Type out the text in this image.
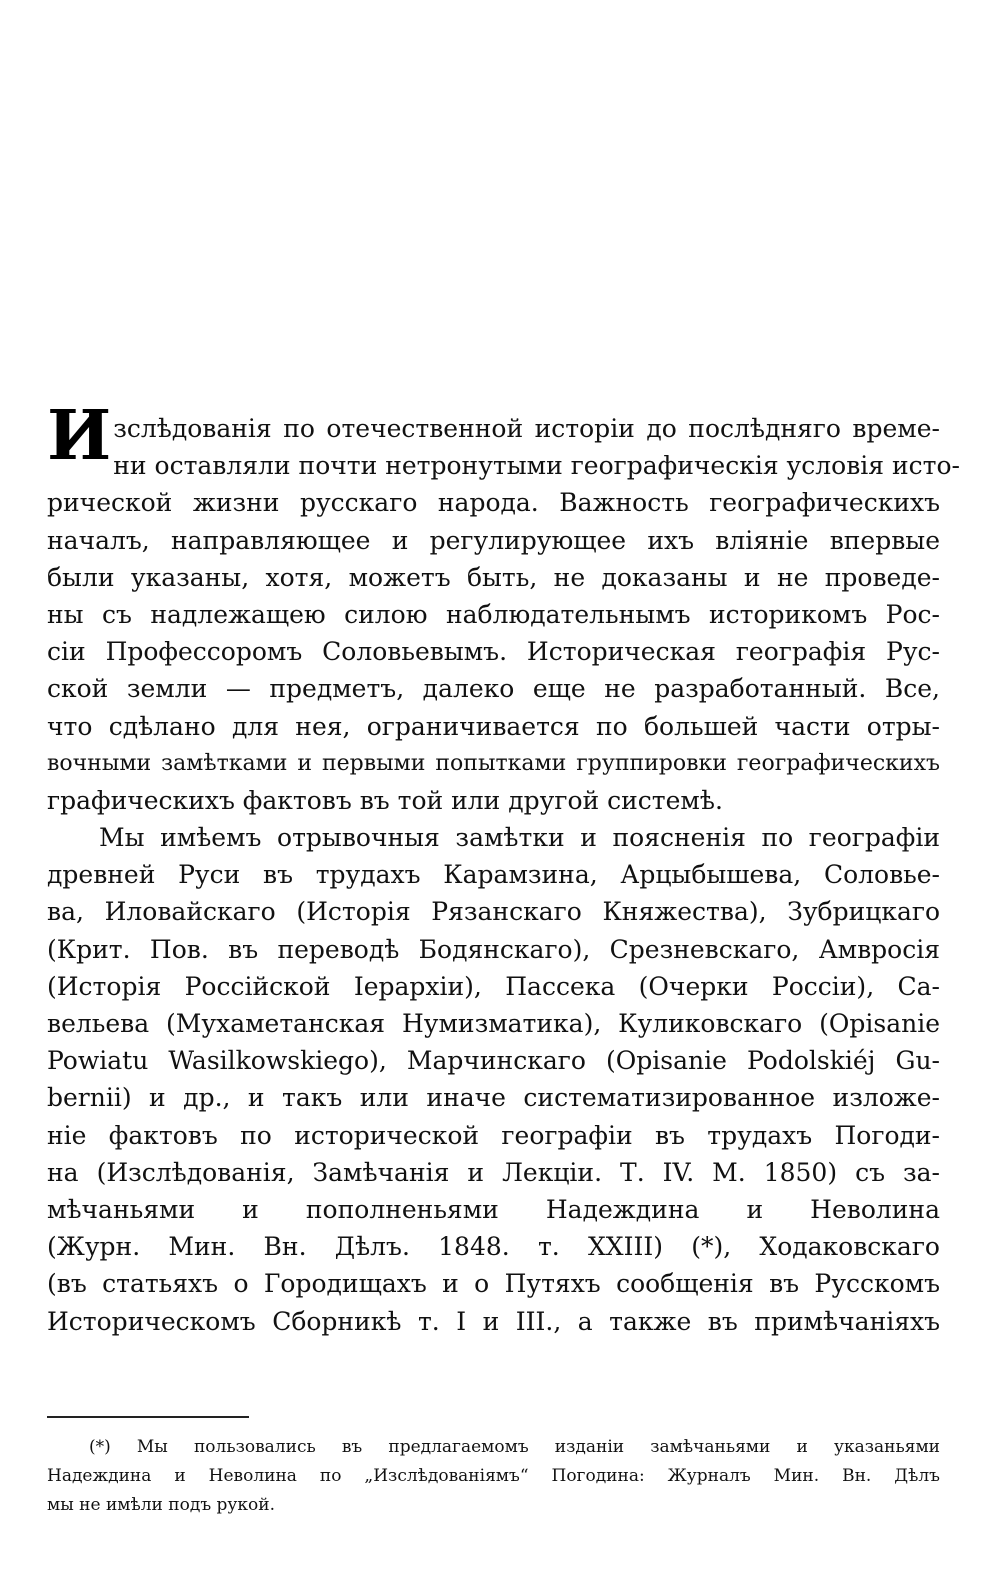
И зслѣдованія по отечественной исторіи до послѣдняго време-
ни оставляли почти нетронутыми географическія условія исто-
рической жизни русскаго народа. Важность географическихъ
началъ, направляющее и регулирующее ихъ вліяніе впервые
были указаны, хотя, можетъ быть, не доказаны и не проведе-
ны съ надлежащею силою наблюдательнымъ историкомъ Рос-
сіи Профессоромъ Соловьевымъ. Историческая географія Рус-
ской земли — предметъ, далеко еще не разработанный. Все,
что сдѣлано для нея, ограничивается по большей части отры-
вочными замѣтками и первыми попытками группировки географическихъ
графическихъ фактовъ въ той или другой системѣ.
Мы имѣемъ отрывочныя замѣтки и поясненія по географіи
древней Руси въ трудахъ Карамзина, Арцыбышева, Соловье-
ва, Иловайскаго (Исторія Рязанскаго Княжества), Зубрицкаго
(Крит. Пов. въ переводѣ Бодянскаго), Срезневскаго, Амвросія
(Исторія Россійской Іерархіи), Пассека (Очерки Россіи), Са-
вельева (Мухаметанская Нумизматика), Куликовскаго (Opisanie
Powiatu Wasilkowskiego), Марчинскаго (Opisanie Podolskiéj Gu-
bernii) и др., и такъ или иначе систематизированное изложе-
ніе фактовъ по исторической географіи въ трудахъ Погоди-
на (Изслѣдованія, Замѣчанія и Лекціи. Т. IV. М. 1850) съ за-
мѣчаньями и пополненьями Надеждина и Неволина
(Журн. Мин. Вн. Дѣлъ. 1848. т. XXIII) (*), Ходаковскаго
(въ статьяхъ о Городищахъ и о Путяхъ сообщенія въ Русскомъ
Историческомъ Сборникѣ т. I и III., а также въ примѣчаніяхъ
(*) Мы пользовались въ предлагаемомъ изданіи замѣчаньями и указаньями
Надеждина и Неволина по „Изслѣдованіямъ“ Погодина: Журналъ Мин. Вн. Дѣлъ
мы не имѣли подъ рукой.
